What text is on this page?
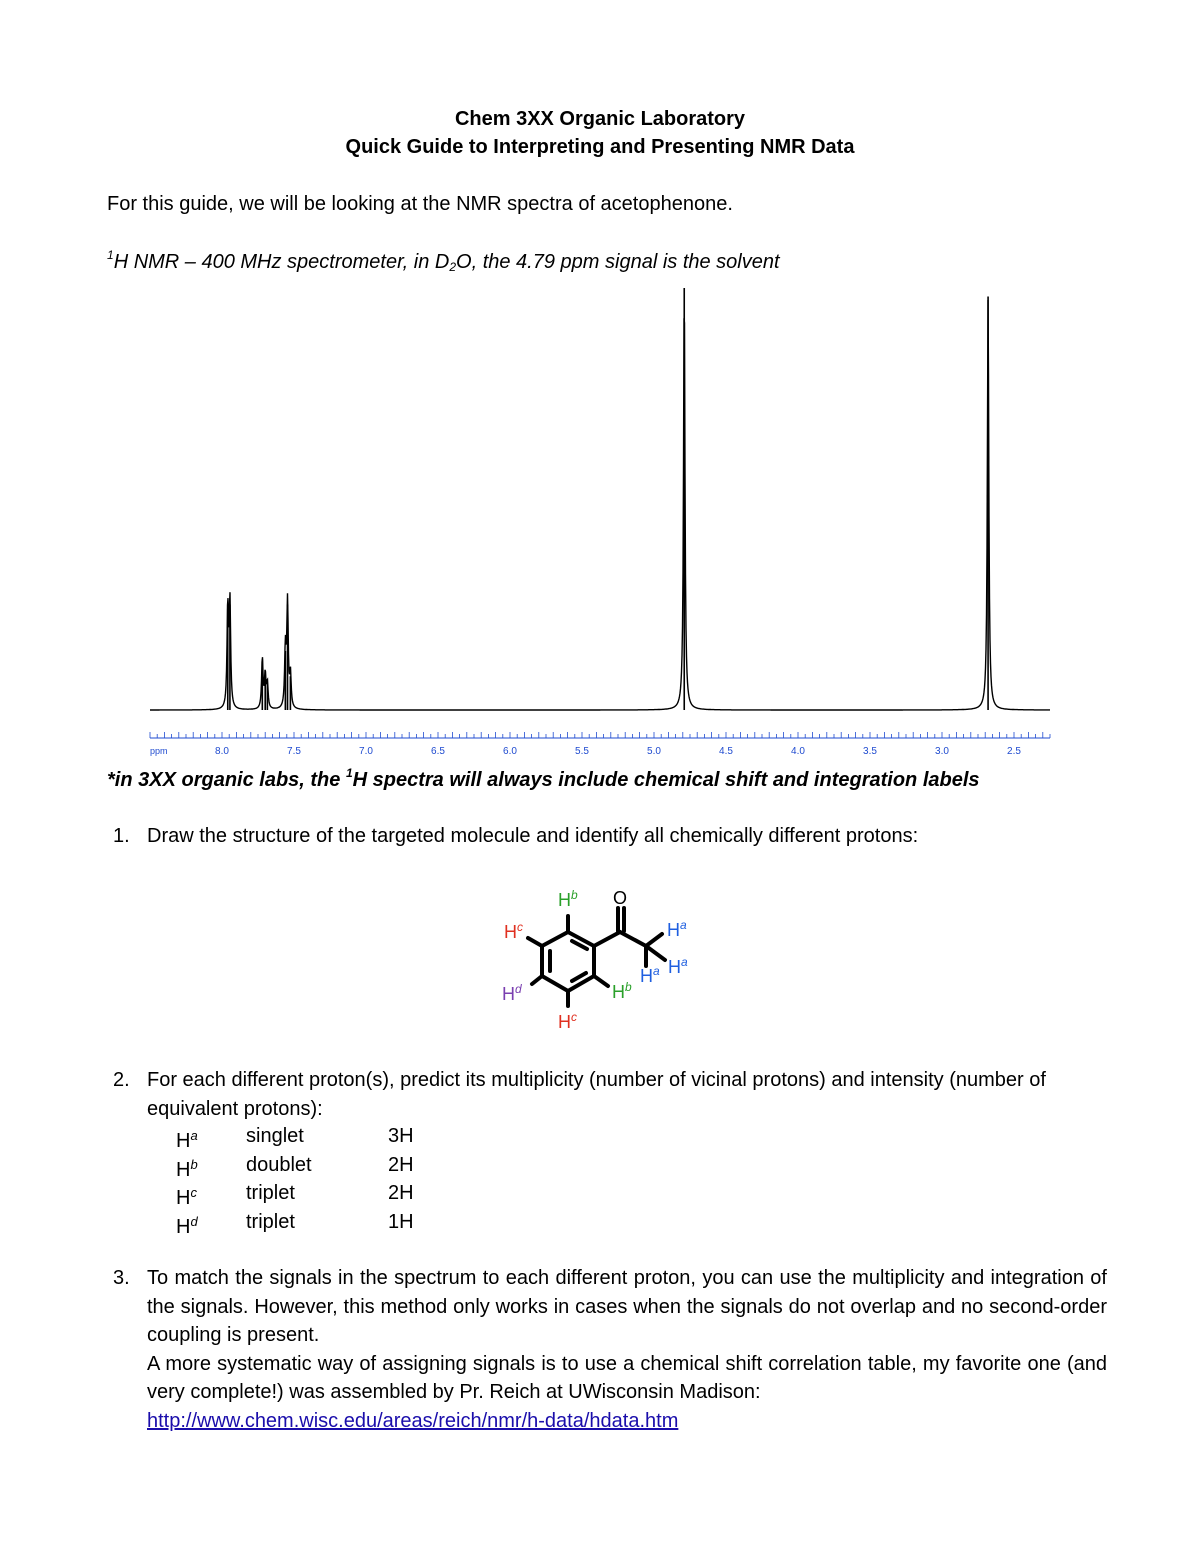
Chem 3XX Organic Laboratory
Quick Guide to Interpreting and Presenting NMR Data
For this guide, we will be looking at the NMR spectra of acetophenone.
$^1$H NMR – 400 MHz spectrometer, in $D_2O$, the 4.79 ppm signal is the solvent
8.0	7.5	7.0	6.5	6.0	5.5	5.0	4.5	4.0	3.5	3.0	2.5
ppm
*in 3XX organic labs, the $^1$H spectra will always include chemical shift and integration labels
1. Draw the structure of the targeted molecule and identify all chemically different protons:
O
$H^b$
$H^c$
$H^d$
$H^c$
$H^b$
$H^a$
$H^a$ $H^a$
2. For each different proton(s), predict its multiplicity (number of vicinal protons) and intensity (number of equivalent protons):
$H^a$ singlet	3H
$H^b$ doublet	2H
$H^c$ triplet	2H
$H^d$ triplet	1H
3. To match the signals in the spectrum to each different proton, you can use the multiplicity and integration of the signals. However, this method only works in cases when the signals do not overlap and no second-order coupling is present.
A more systematic way of assigning signals is to use a chemical shift correlation table, my favorite one (and very complete!) was assembled by Pr. Reich at UWisconsin Madison:
http://www.chem.wisc.edu/areas/reich/nmr/h-data/hdata.htm
